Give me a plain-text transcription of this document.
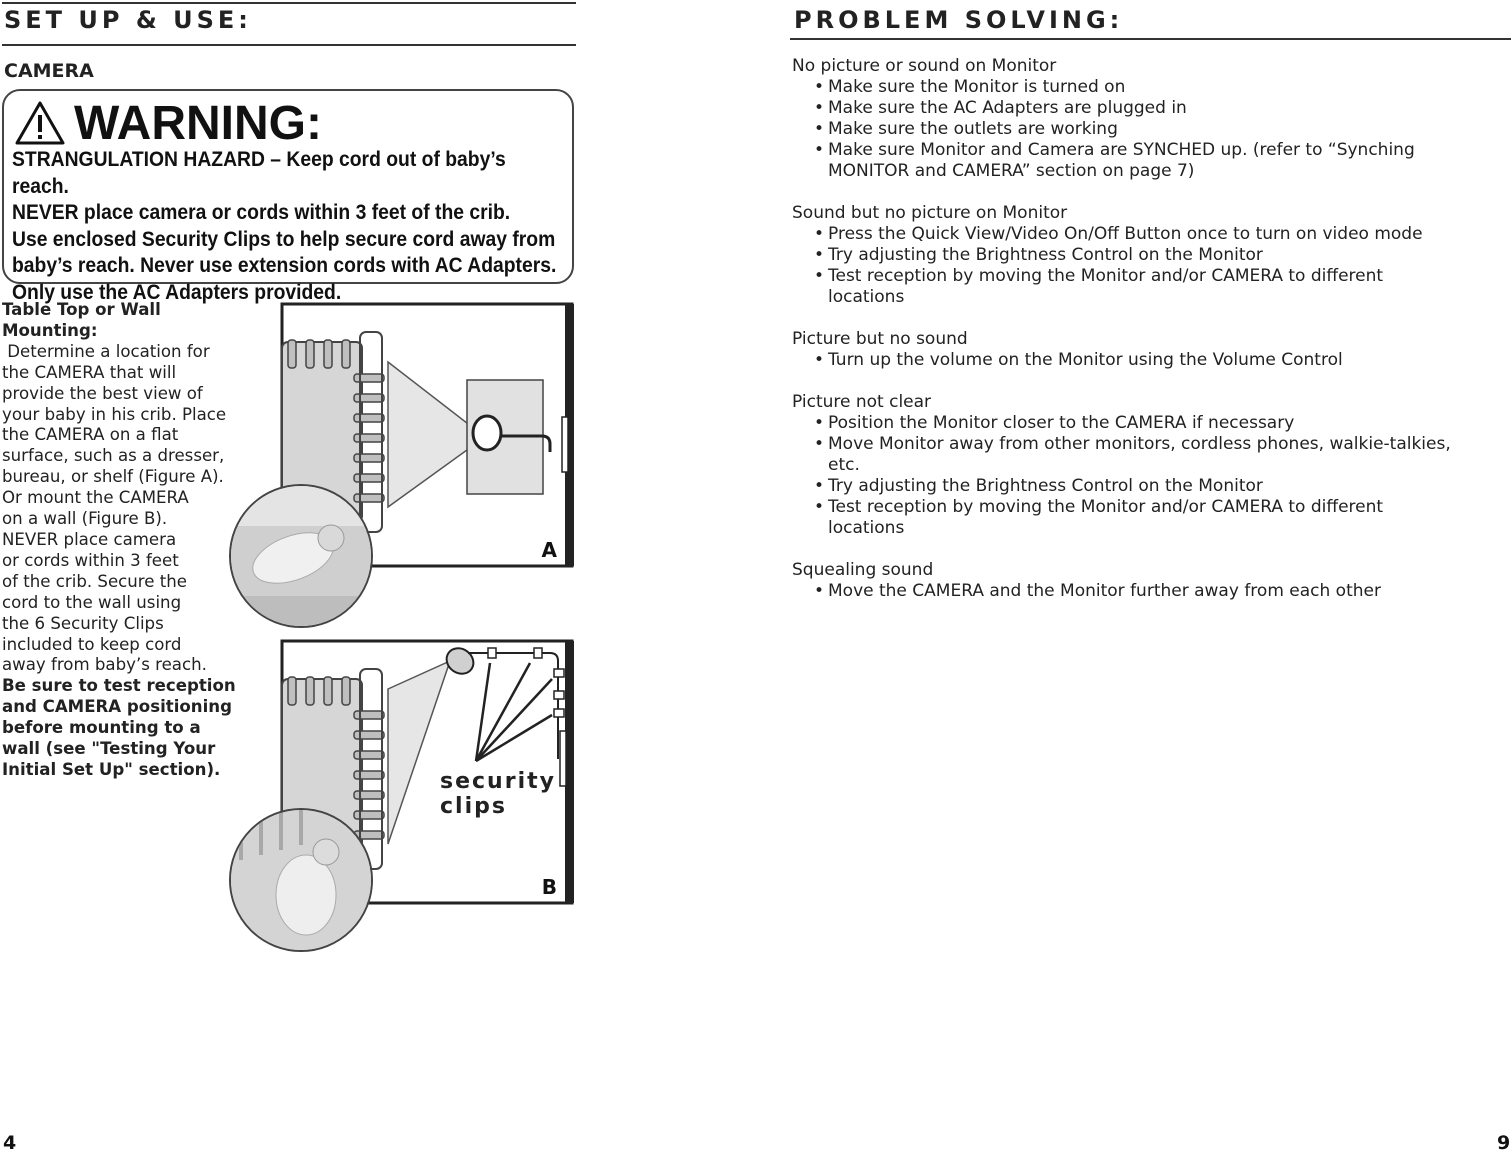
SET UP & USE:
CAMERA
WARNING:
STRANGULATION HAZARD – Keep cord out of baby’s reach.
NEVER place camera or cords within 3 feet of the crib.
Use enclosed Security Clips to help secure cord away from
baby’s reach. Never use extension cords with AC Adapters.
Only use the AC Adapters provided.

Table Top or Wall

Mounting:

Determine a location for

the CAMERA that will

provide the best view of

your baby in his crib. Place

the CAMERA on a flat

surface, such as a dresser,

bureau, or shelf (Figure A).

Or mount the CAMERA

on a wall (Figure B).

NEVER place camera

or cords within 3 feet

of the crib. Secure the

cord to the wall using

the 6 Security Clips

included to keep cord

away from baby’s reach.

Be sure to test reception

and CAMERA positioning

before mounting to a

wall (see "Testing Your

Initial Set Up" section).

A
security
clips
B
4
PROBLEM SOLVING:

No picture or sound on Monitor

• Make sure the Monitor is turned on
• Make sure the AC Adapters are plugged in
• Make sure the outlets are working
• Make sure Monitor and Camera are SYNCHED up. (refer to “Synching
MONITOR and CAMERA” section on page 7)

Sound but no picture on Monitor

• Press the Quick View/Video On/Off Button once to turn on video mode
• Try adjusting the Brightness Control on the Monitor
• Test reception by moving the Monitor and/or CAMERA to different
locations

Picture but no sound

• Turn up the volume on the Monitor using the Volume Control

Picture not clear

• Position the Monitor closer to the CAMERA if necessary
• Move Monitor away from other monitors, cordless phones, walkie-talkies,
etc.
• Try adjusting the Brightness Control on the Monitor
• Test reception by moving the Monitor and/or CAMERA to different
locations

Squealing sound

• Move the CAMERA and the Monitor further away from each other
9
